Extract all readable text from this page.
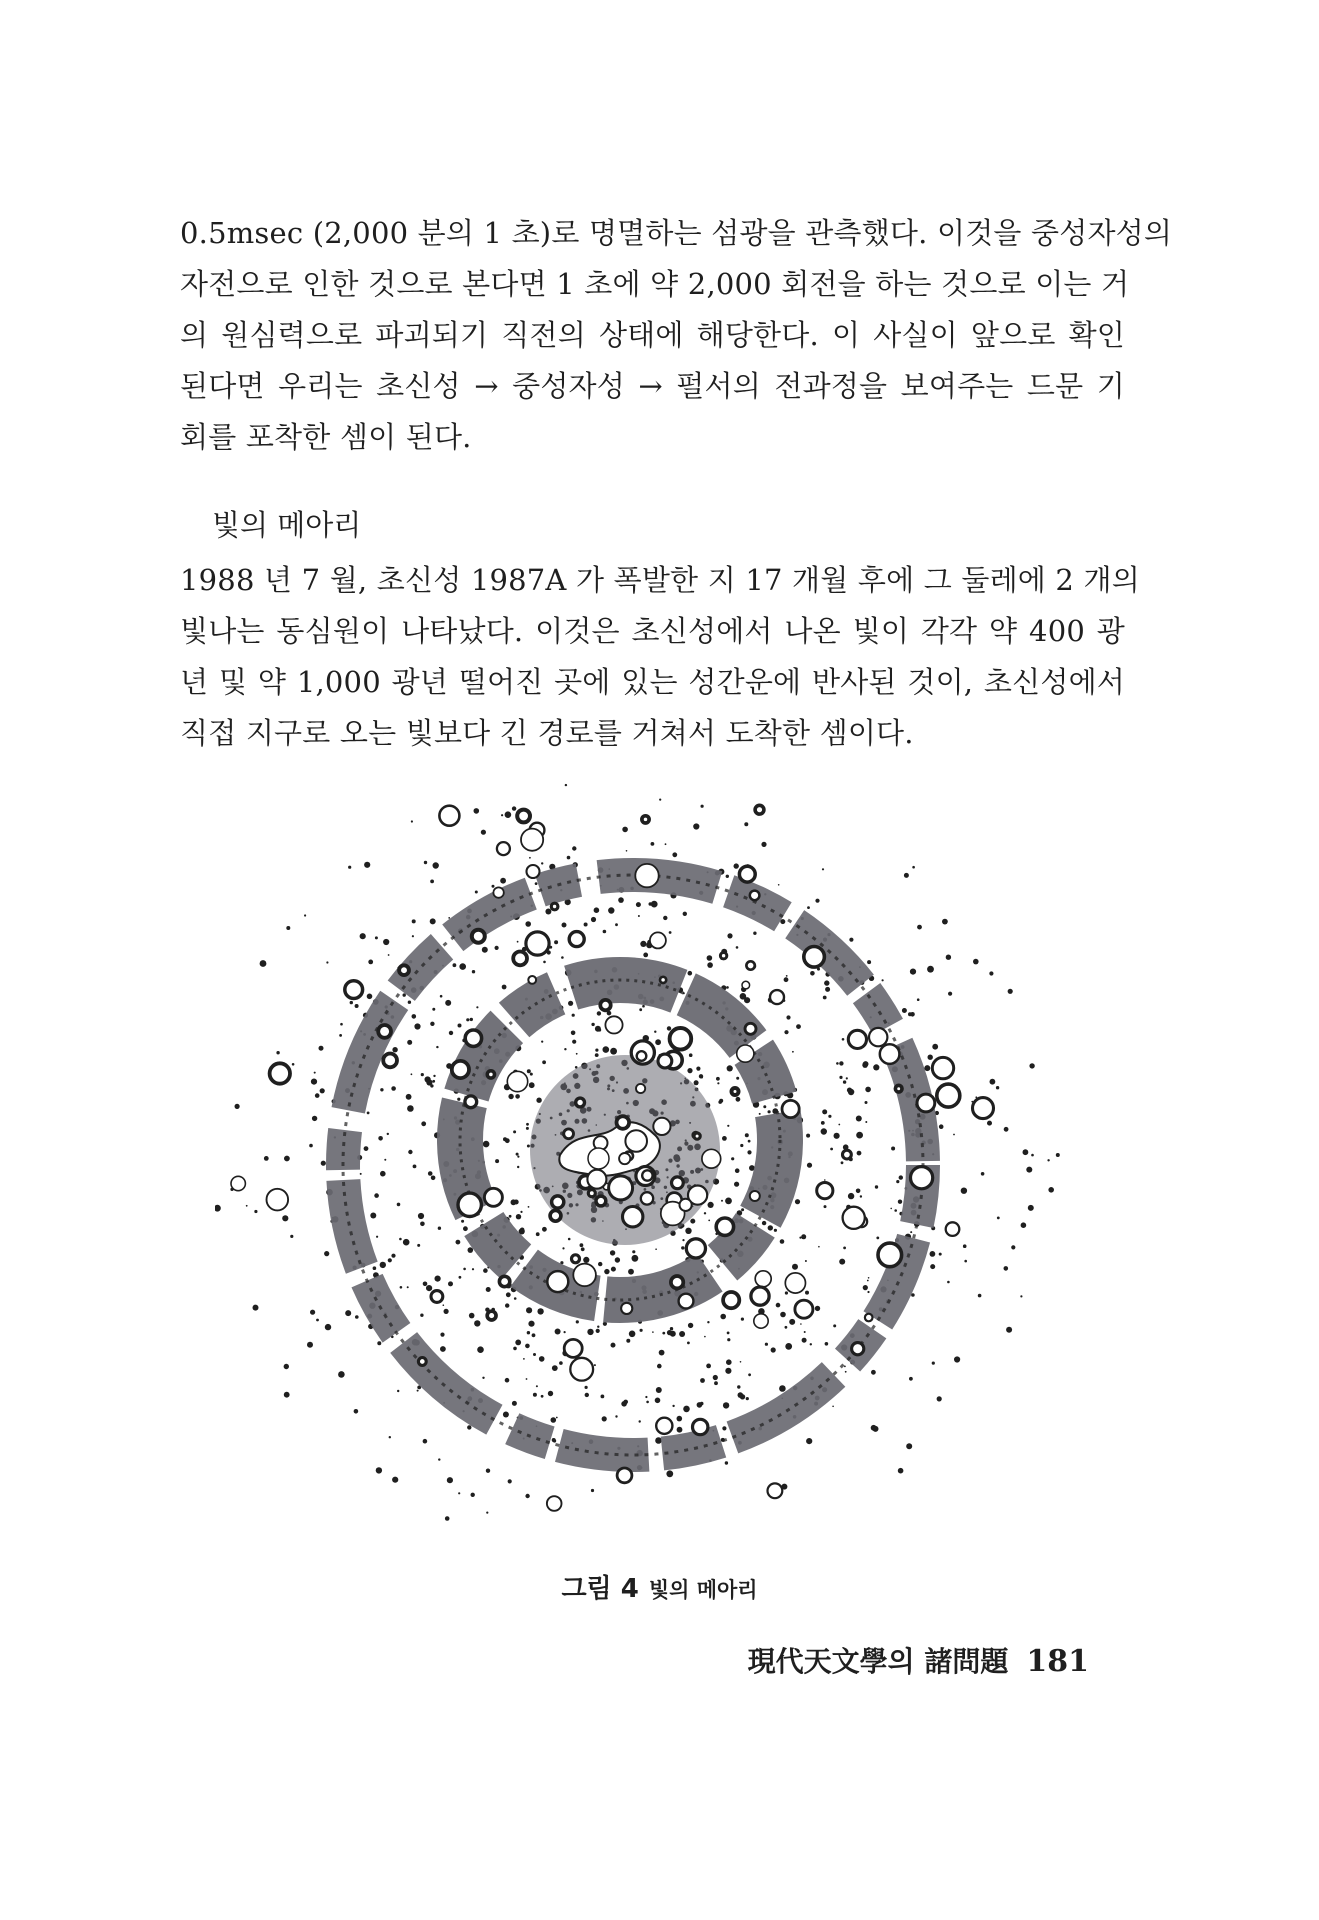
0.5msec (2,000 분의 1 초)로 명멸하는 섬광을 관측했다. 이것을 중성자성의
자전으로 인한 것으로 본다면 1 초에 약 2,000 회전을 하는 것으로 이는 거
의 원심력으로 파괴되기 직전의 상태에 해당한다. 이 사실이 앞으로 확인
된다면 우리는 초신성 → 중성자성 → 펄서의 전과정을 보여주는 드문 기
회를 포착한 셈이 된다.

빛의 메아리

1988 년 7 월, 초신성 1987A 가 폭발한 지 17 개월 후에 그 둘레에 2 개의
빛나는 동심원이 나타났다. 이것은 초신성에서 나온 빛이 각각 약 400 광
년 및 약 1,000 광년 떨어진 곳에 있는 성간운에 반사된 것이, 초신성에서
직접 지구로 오는 빛보다 긴 경로를 거쳐서 도착한 셈이다.

그림 4 빛의 메아리

現代天文學의 諸問題 181
